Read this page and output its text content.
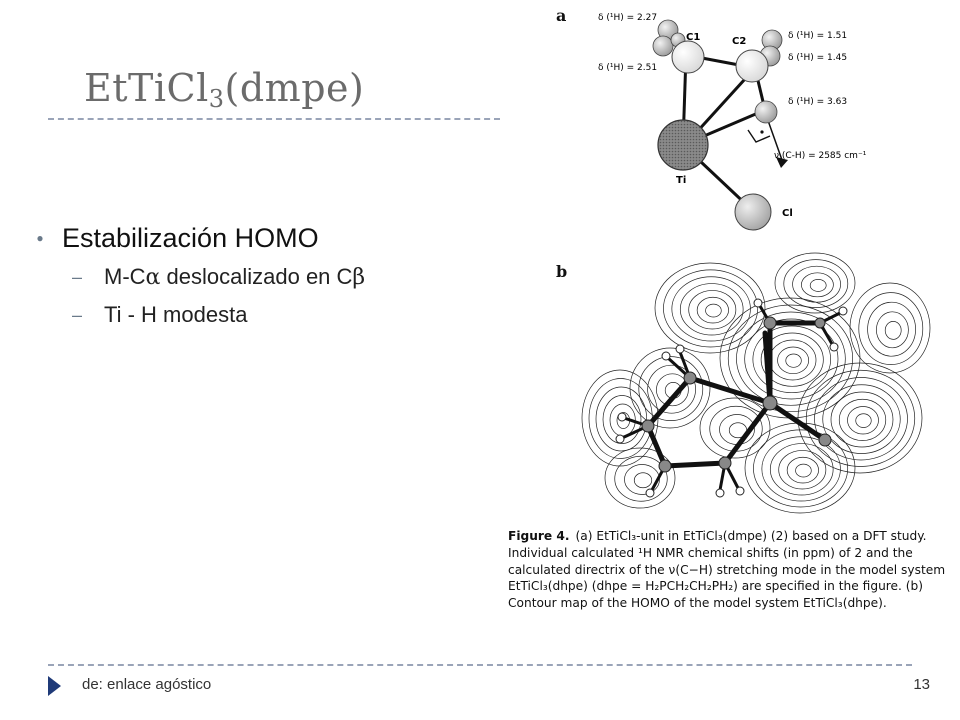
EtTiCl$_3$(dmpe)
● Estabilización HOMO
– M-Cα deslocalizado en Cβ
– Ti - H modesta
a	δ (¹H) = 2.27
δ (¹H) = 2.51
δ (¹H) = 1.51
δ (¹H) = 1.45
δ (¹H) = 3.63
C1	C2
Ti
Cl
ν (C-H) = 2585 cm⁻¹
b
Figure 4. (a) EtTiCl₃-unit in EtTiCl₃(dmpe) (2) based on a DFT study. Individual calculated ¹H NMR chemical shifts (in ppm) of 2 and the calculated directrix of the ν(C−H) stretching mode in the model system EtTiCl₃(dhpe) (dhpe = H₂PCH₂CH₂PH₂) are specified in the figure. (b) Contour map of the HOMO of the model system EtTiCl₃(dhpe).
de: enlace agóstico	13
